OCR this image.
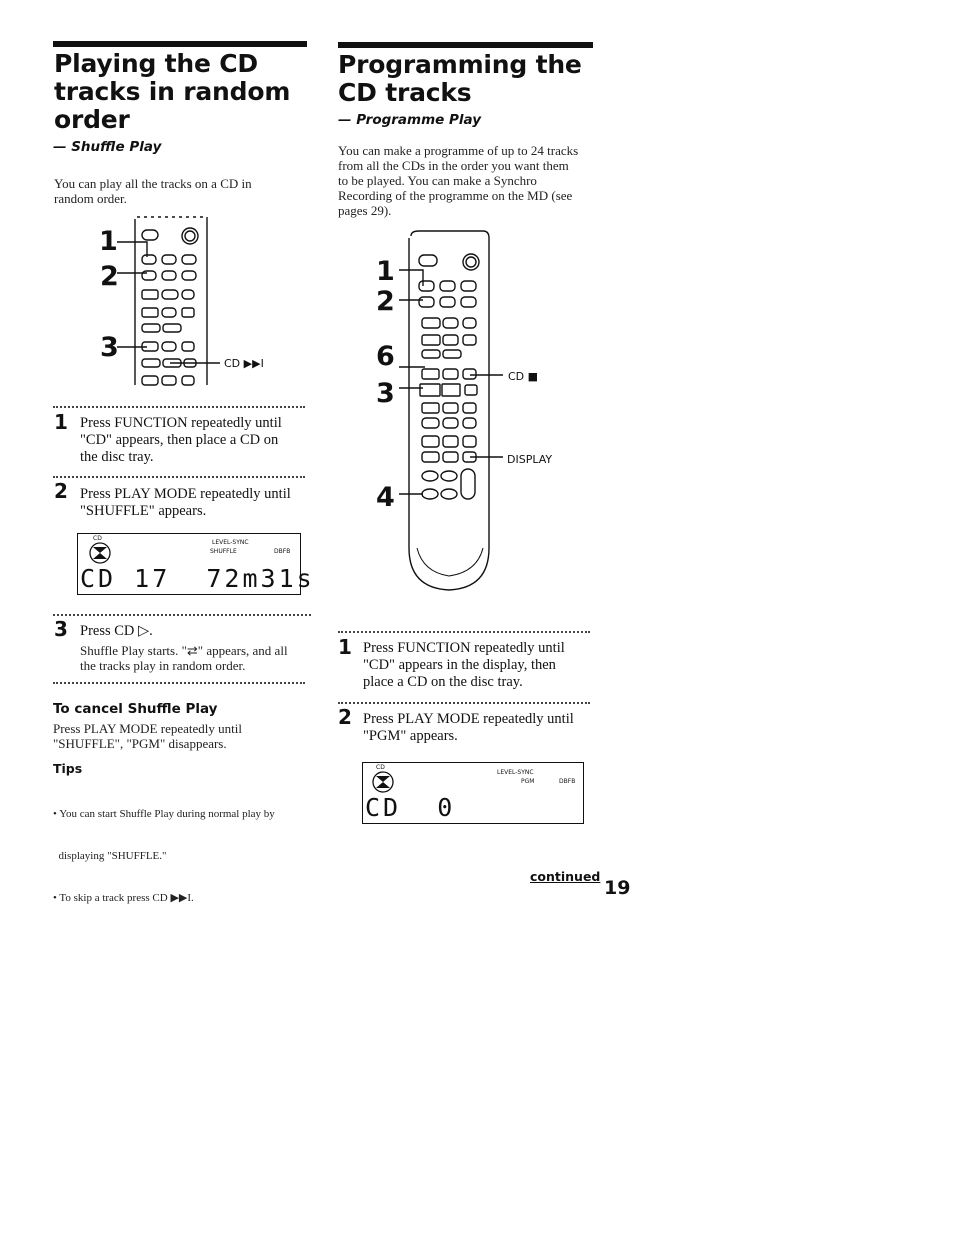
Playing the CD
tracks in random
order
— Shuffle Play
You can play all the tracks on a CD in
random order.
1
2
3
CD ▶▶I
1 Press FUNCTION repeatedly until
"CD" appears, then place a CD on
the disc tray.
2 Press PLAY MODE repeatedly until
"SHUFFLE" appears.
CD
LEVEL-SYNC
SHUFFLE	DBFB
CD 17  72m31s
3 Press CD ▷.
Shuffle Play starts. "⇄" appears, and all
the tracks play in random order.
To cancel Shuffle Play
Press PLAY MODE repeatedly until
"SHUFFLE", "PGM" disappears.
Tips

• You can start Shuffle Play during normal play by

displaying "SHUFFLE."

• To skip a track press CD ▶▶I.

Programming the
CD tracks
— Programme Play
You can make a programme of up to 24 tracks
from all the CDs in the order you want them
to be played. You can make a Synchro
Recording of the programme on the MD (see
pages 29).
1
2
6
3
4
CD ■
DISPLAY
1 Press FUNCTION repeatedly until
"CD" appears in the display, then
place a CD on the disc tray.
2 Press PLAY MODE repeatedly until
"PGM" appears.
CD
LEVEL-SYNC
PGM	DBFB
CD  0
continued
19
